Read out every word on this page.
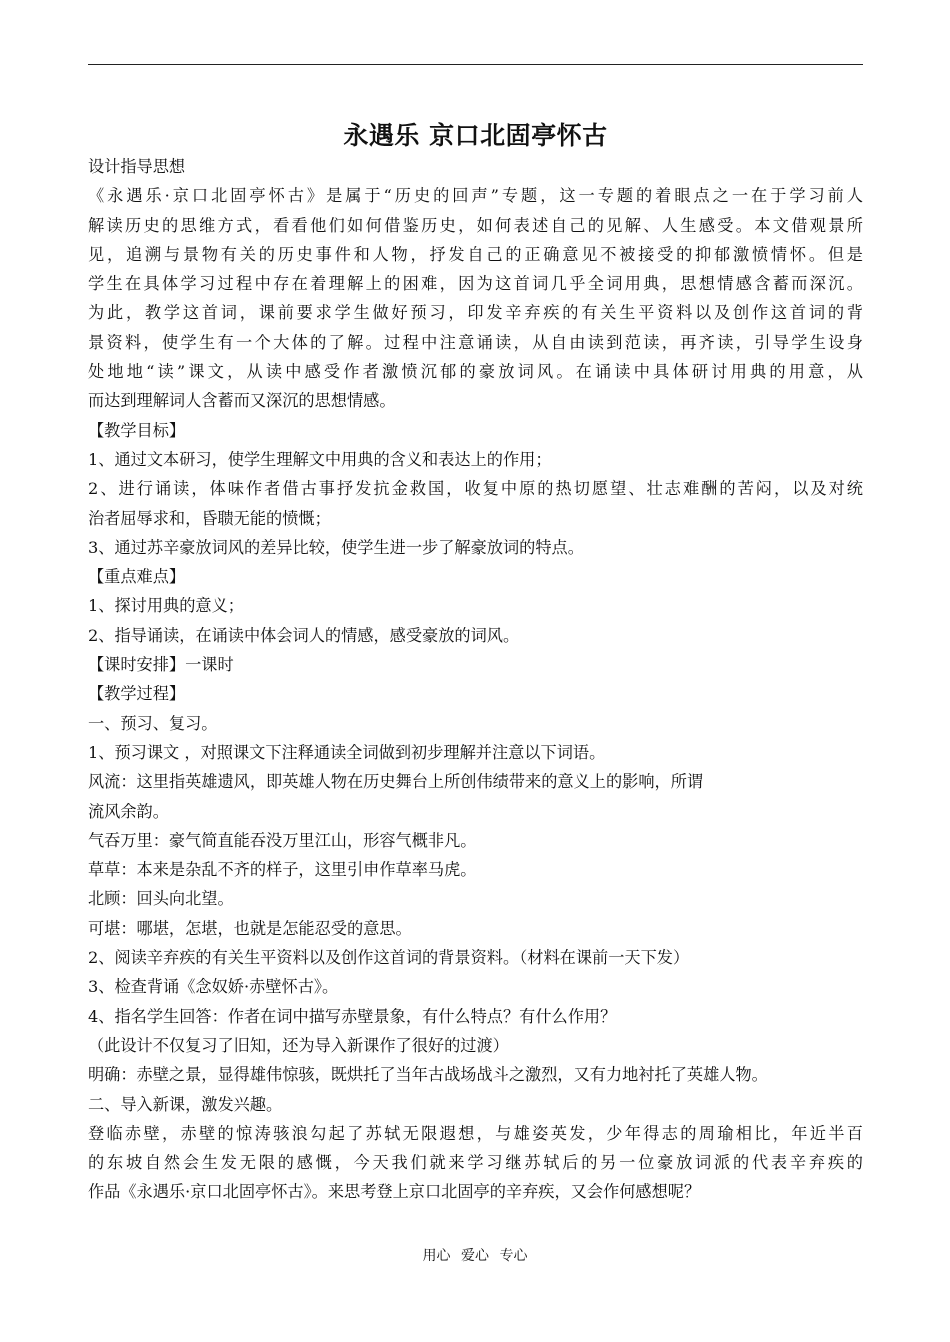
永遇乐 京口北固亭怀古
设计指导思想
《永遇乐·京口北固亭怀古》是属于“历史的回声”专题，这一专题的着眼点之一在于学习前人
解读历史的思维方式，看看他们如何借鉴历史，如何表述自己的见解、人生感受。本文借观景所
见，追溯与景物有关的历史事件和人物，抒发自己的正确意见不被接受的抑郁激愤情怀。但是
学生在具体学习过程中存在着理解上的困难，因为这首词几乎全词用典，思想情感含蓄而深沉。
为此，教学这首词，课前要求学生做好预习，印发辛弃疾的有关生平资料以及创作这首词的背
景资料，使学生有一个大体的了解。过程中注意诵读，从自由读到范读，再齐读，引导学生设身
处地地“读”课文，从读中感受作者激愤沉郁的豪放词风。在诵读中具体研讨用典的用意，从
而达到理解词人含蓄而又深沉的思想情感。
【教学目标】
1、通过文本研习，使学生理解文中用典的含义和表达上的作用；
2、进行诵读，体味作者借古事抒发抗金救国，收复中原的热切愿望、壮志难酬的苦闷，以及对统
治者屈辱求和，昏聩无能的愤慨；
3、通过苏辛豪放词风的差异比较，使学生进一步了解豪放词的特点。
【重点难点】
1、探讨用典的意义；
2、指导诵读，在诵读中体会词人的情感，感受豪放的词风。
【课时安排】一课时
【教学过程】
一、预习、复习。
1、预习课文 ，对照课文下注释通读全词做到初步理解并注意以下词语。
风流：这里指英雄遗风，即英雄人物在历史舞台上所创伟绩带来的意义上的影响，所谓
流风余韵。
气吞万里：豪气简直能吞没万里江山，形容气概非凡。
草草：本来是杂乱不齐的样子，这里引申作草率马虎。
北顾：回头向北望。
可堪：哪堪，怎堪，也就是怎能忍受的意思。
2、阅读辛弃疾的有关生平资料以及创作这首词的背景资料。（材料在课前一天下发）
3、检查背诵《念奴娇·赤壁怀古》。
4、指名学生回答：作者在词中描写赤壁景象，有什么特点？有什么作用？
（此设计不仅复习了旧知，还为导入新课作了很好的过渡）
明确：赤壁之景，显得雄伟惊骇，既烘托了当年古战场战斗之激烈，又有力地衬托了英雄人物。
二、导入新课，激发兴趣。
登临赤壁，赤壁的惊涛骇浪勾起了苏轼无限遐想，与雄姿英发，少年得志的周瑜相比，年近半百
的东坡自然会生发无限的感慨，今天我们就来学习继苏轼后的另一位豪放词派的代表辛弃疾的
作品《永遇乐·京口北固亭怀古》。来思考登上京口北固亭的辛弃疾，又会作何感想呢？
用心 爱心 专心
